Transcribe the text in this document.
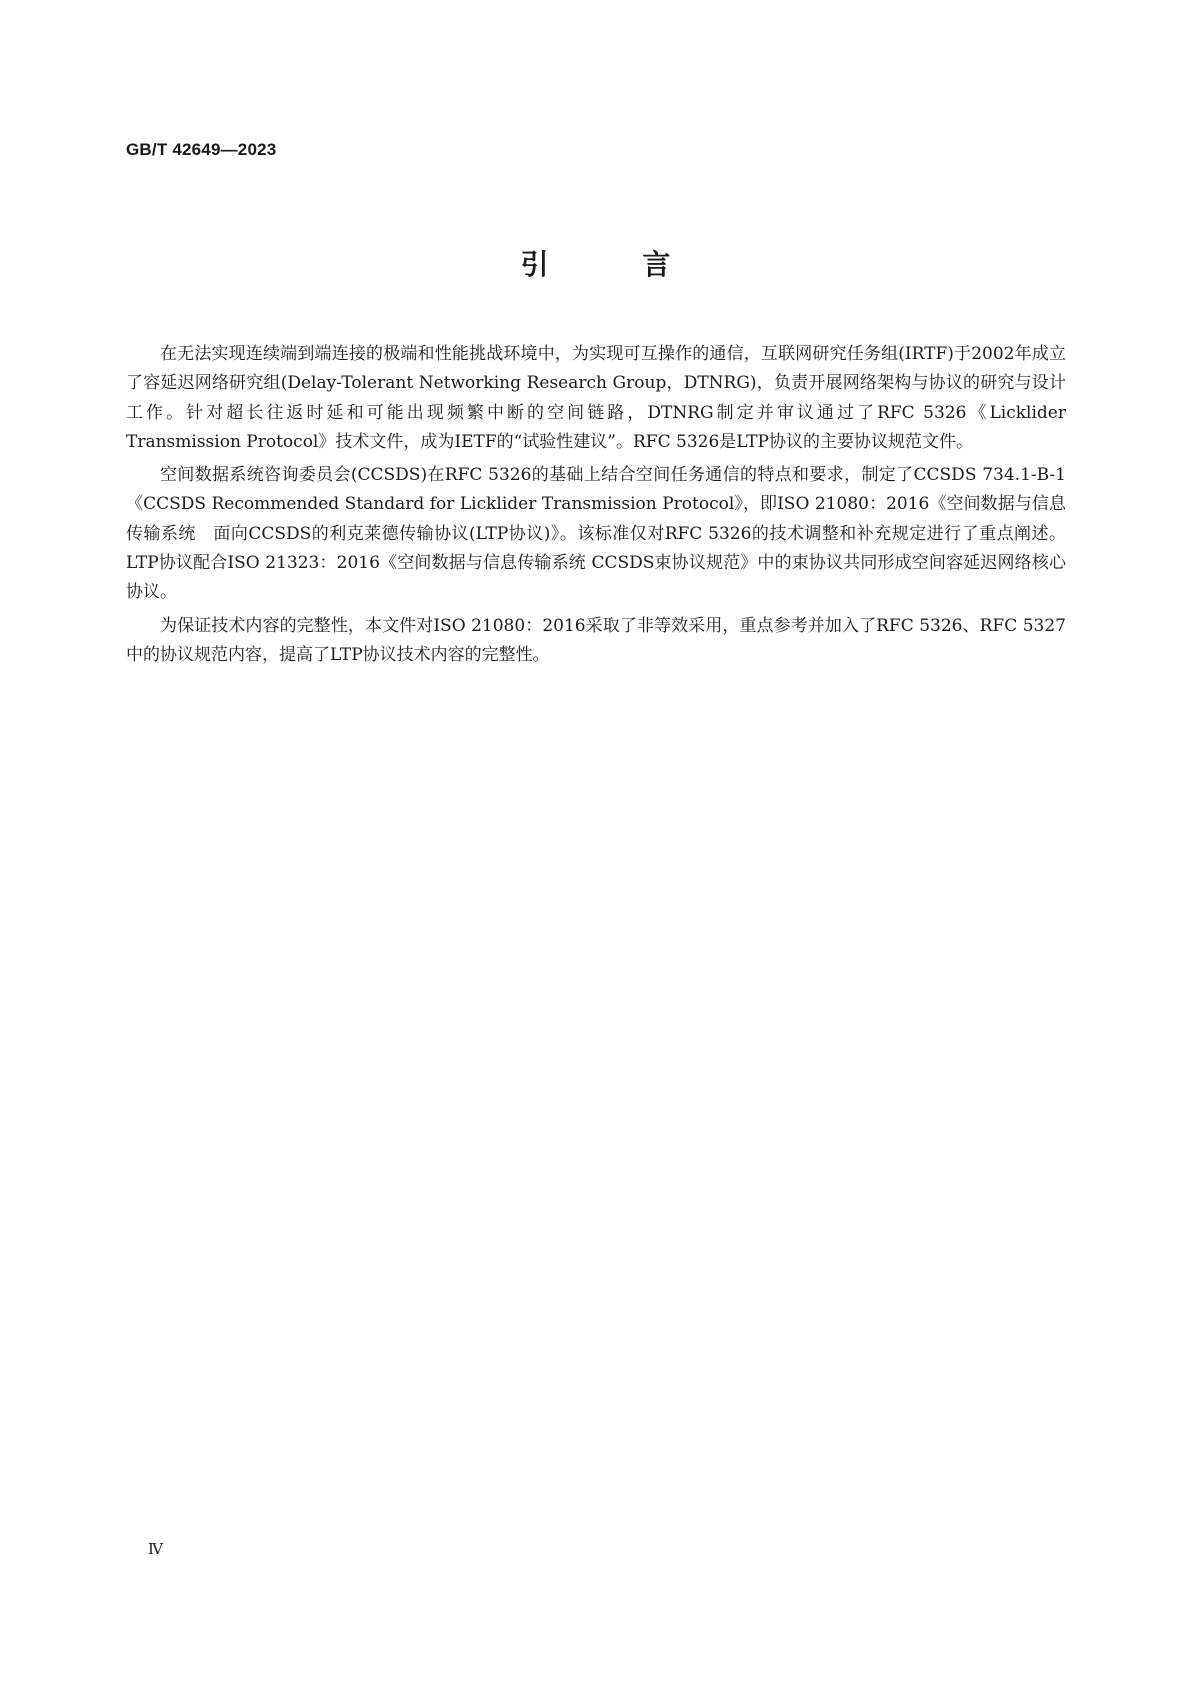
GB/T 42649—2023
引 言

在无法实现连续端到端连接的极端和性能挑战环境中，为实现可互操作的通信，互联网研究任务组(IRTF)于2002年成立了容延迟网络研究组(Delay-Tolerant Networking Research Group，DTNRG)，负责开展网络架构与协议的研究与设计工作。针对超长往返时延和可能出现频繁中断的空间链路，DTNRG制定并审议通过了RFC 5326《Licklider Transmission Protocol》技术文件，成为IETF的“试验性建议”。RFC 5326是LTP协议的主要协议规范文件。

空间数据系统咨询委员会(CCSDS)在RFC 5326的基础上结合空间任务通信的特点和要求，制定了CCSDS 734.1-B-1《CCSDS Recommended Standard for Licklider Transmission Protocol》，即ISO 21080：2016《空间数据与信息传输系统　面向CCSDS的利克莱德传输协议(LTP协议)》。该标准仅对RFC 5326的技术调整和补充规定进行了重点阐述。LTP协议配合ISO 21323：2016《空间数据与信息传输系统 CCSDS束协议规范》中的束协议共同形成空间容延迟网络核心协议。

为保证技术内容的完整性，本文件对ISO 21080：2016采取了非等效采用，重点参考并加入了RFC 5326、RFC 5327中的协议规范内容，提高了LTP协议技术内容的完整性。

Ⅳ
